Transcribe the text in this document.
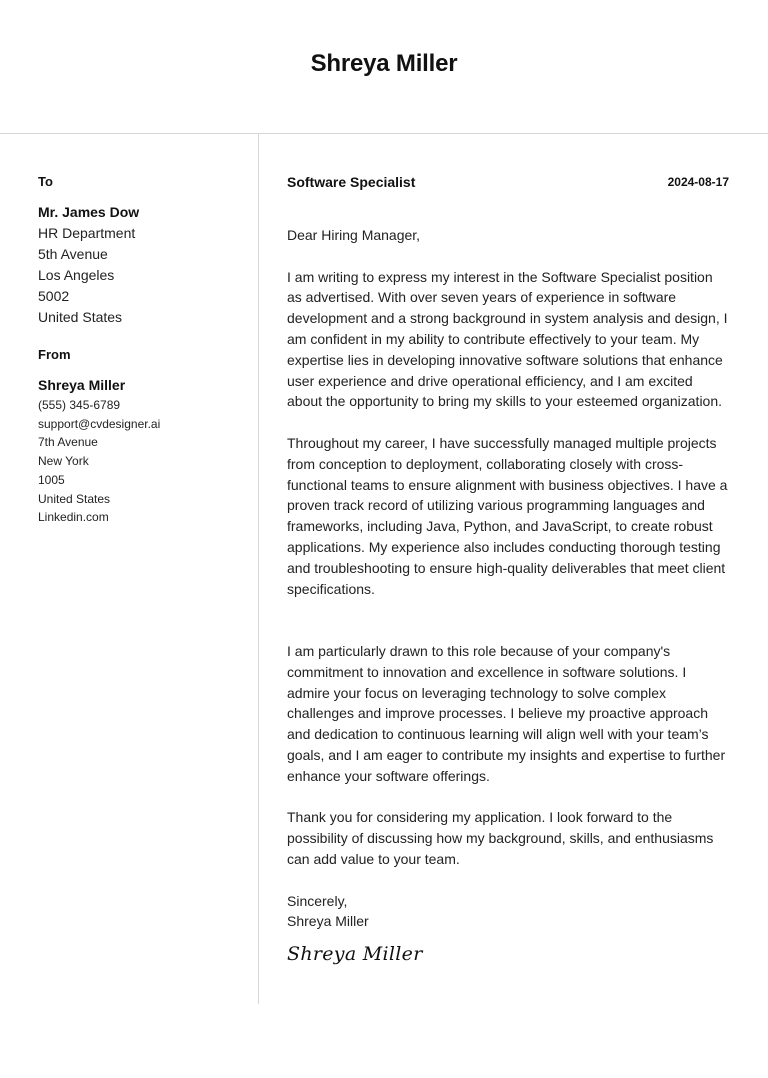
Shreya Miller
To
Mr. James Dow
HR Department
5th Avenue
Los Angeles
5002
United States
From
Shreya Miller
(555) 345-6789
support@cvdesigner.ai
7th Avenue
New York
1005
United States
Linkedin.com
Software Specialist	2024-08-17

Dear Hiring Manager,

I am writing to express my interest in the Software Specialist position as advertised. With over seven years of experience in software development and a strong background in system analysis and design, I am confident in my ability to contribute effectively to your team. My expertise lies in developing innovative software solutions that enhance user experience and drive operational efficiency, and I am excited about the opportunity to bring my skills to your esteemed organization.

Throughout my career, I have successfully managed multiple projects from conception to deployment, collaborating closely with cross-functional teams to ensure alignment with business objectives. I have a proven track record of utilizing various programming languages and frameworks, including Java, Python, and JavaScript, to create robust applications. My experience also includes conducting thorough testing and troubleshooting to ensure high-quality deliverables that meet client specifications.

I am particularly drawn to this role because of your company's commitment to innovation and excellence in software solutions. I admire your focus on leveraging technology to solve complex challenges and improve processes. I believe my proactive approach and dedication to continuous learning will align well with your team’s goals, and I am eager to contribute my insights and expertise to further enhance your software offerings.

Thank you for considering my application. I look forward to the possibility of discussing how my background, skills, and enthusiasms can add value to your team.

Sincerely,

Shreya Miller

Shreya Miller
